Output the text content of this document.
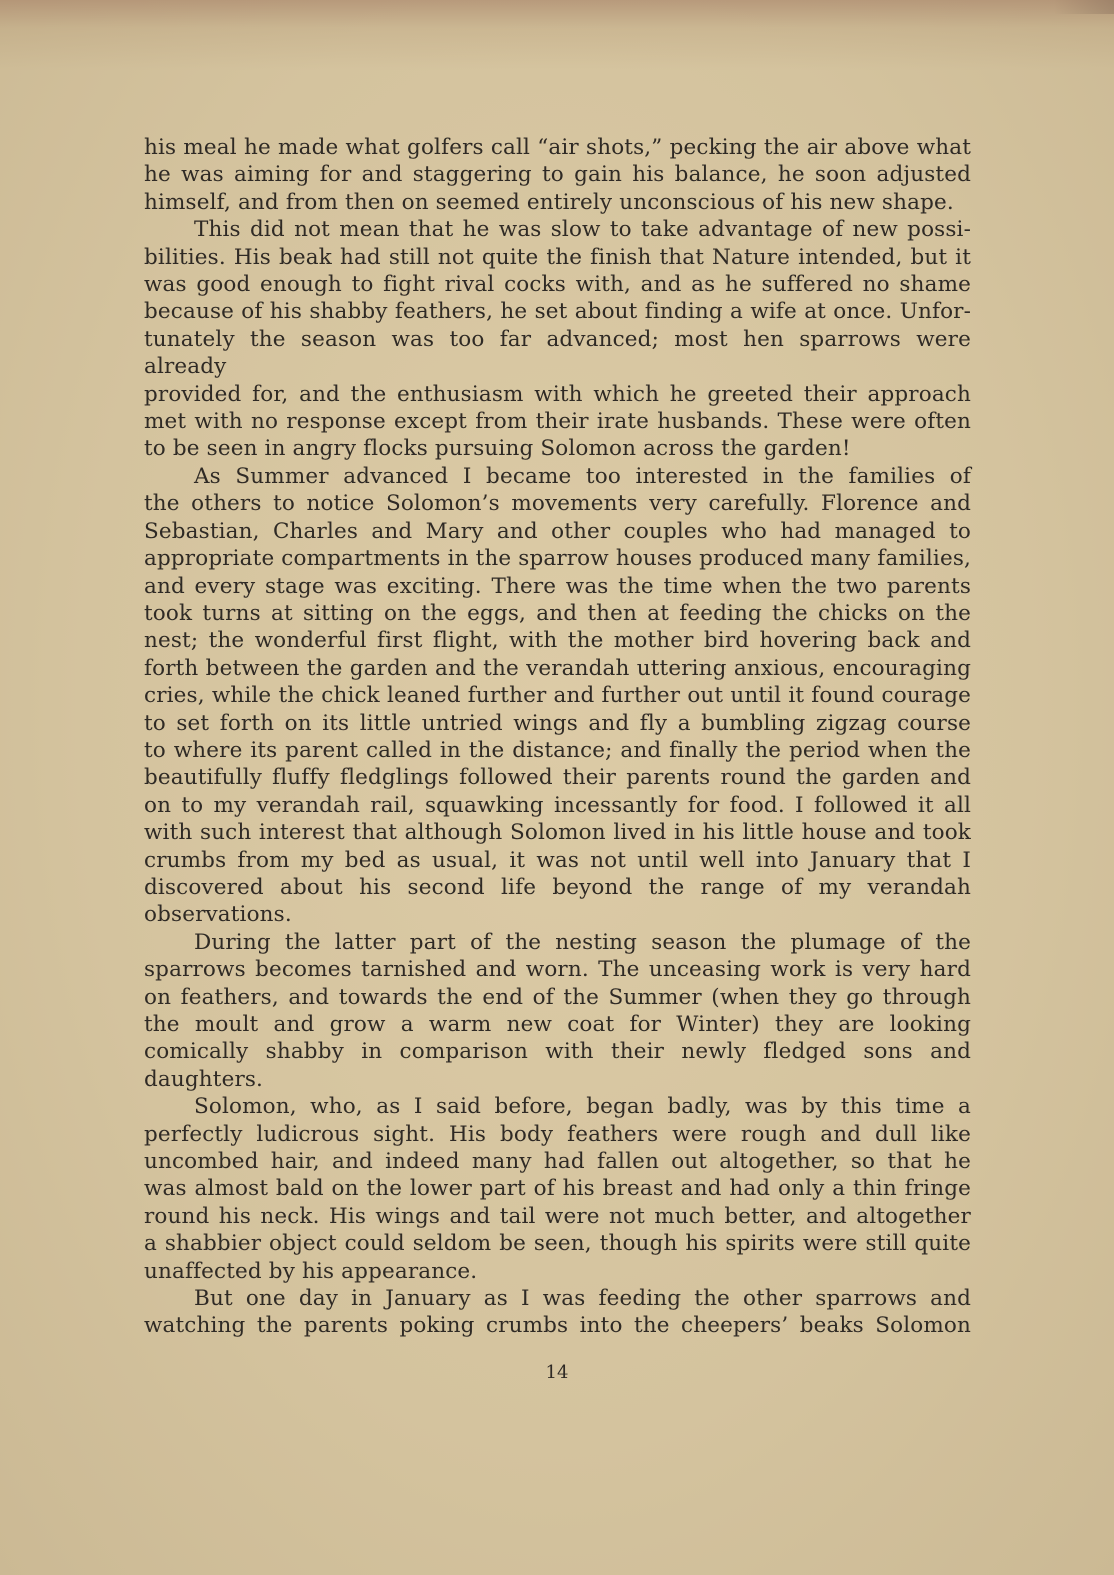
his meal he made what golfers call “air shots,” pecking the air above what

he was aiming for and staggering to gain his balance, he soon adjusted

himself, and from then on seemed entirely unconscious of his new shape.

This did not mean that he was slow to take advantage of new possi-

bilities. His beak had still not quite the finish that Nature intended, but it

was good enough to fight rival cocks with, and as he suffered no shame

because of his shabby feathers, he set about finding a wife at once. Unfor-

tunately the season was too far advanced; most hen sparrows were already

provided for, and the enthusiasm with which he greeted their approach

met with no response except from their irate husbands. These were often

to be seen in angry flocks pursuing Solomon across the garden!

As Summer advanced I became too interested in the families of

the others to notice Solomon’s movements very carefully. Florence and

Sebastian, Charles and Mary and other couples who had managed to

appropriate compartments in the sparrow houses produced many families,

and every stage was exciting. There was the time when the two parents

took turns at sitting on the eggs, and then at feeding the chicks on the

nest; the wonderful first flight, with the mother bird hovering back and

forth between the garden and the verandah uttering anxious, encouraging

cries, while the chick leaned further and further out until it found courage

to set forth on its little untried wings and fly a bumbling zigzag course

to where its parent called in the distance; and finally the period when the

beautifully fluffy fledglings followed their parents round the garden and

on to my verandah rail, squawking incessantly for food. I followed it all

with such interest that although Solomon lived in his little house and took

crumbs from my bed as usual, it was not until well into January that I

discovered about his second life beyond the range of my verandah

observations.

During the latter part of the nesting season the plumage of the

sparrows becomes tarnished and worn. The unceasing work is very hard

on feathers, and towards the end of the Summer (when they go through

the moult and grow a warm new coat for Winter) they are looking

comically shabby in comparison with their newly fledged sons and

daughters.

Solomon, who, as I said before, began badly, was by this time a

perfectly ludicrous sight. His body feathers were rough and dull like

uncombed hair, and indeed many had fallen out altogether, so that he

was almost bald on the lower part of his breast and had only a thin fringe

round his neck. His wings and tail were not much better, and altogether

a shabbier object could seldom be seen, though his spirits were still quite

unaffected by his appearance.

But one day in January as I was feeding the other sparrows and

watching the parents poking crumbs into the cheepers’ beaks Solomon

14
